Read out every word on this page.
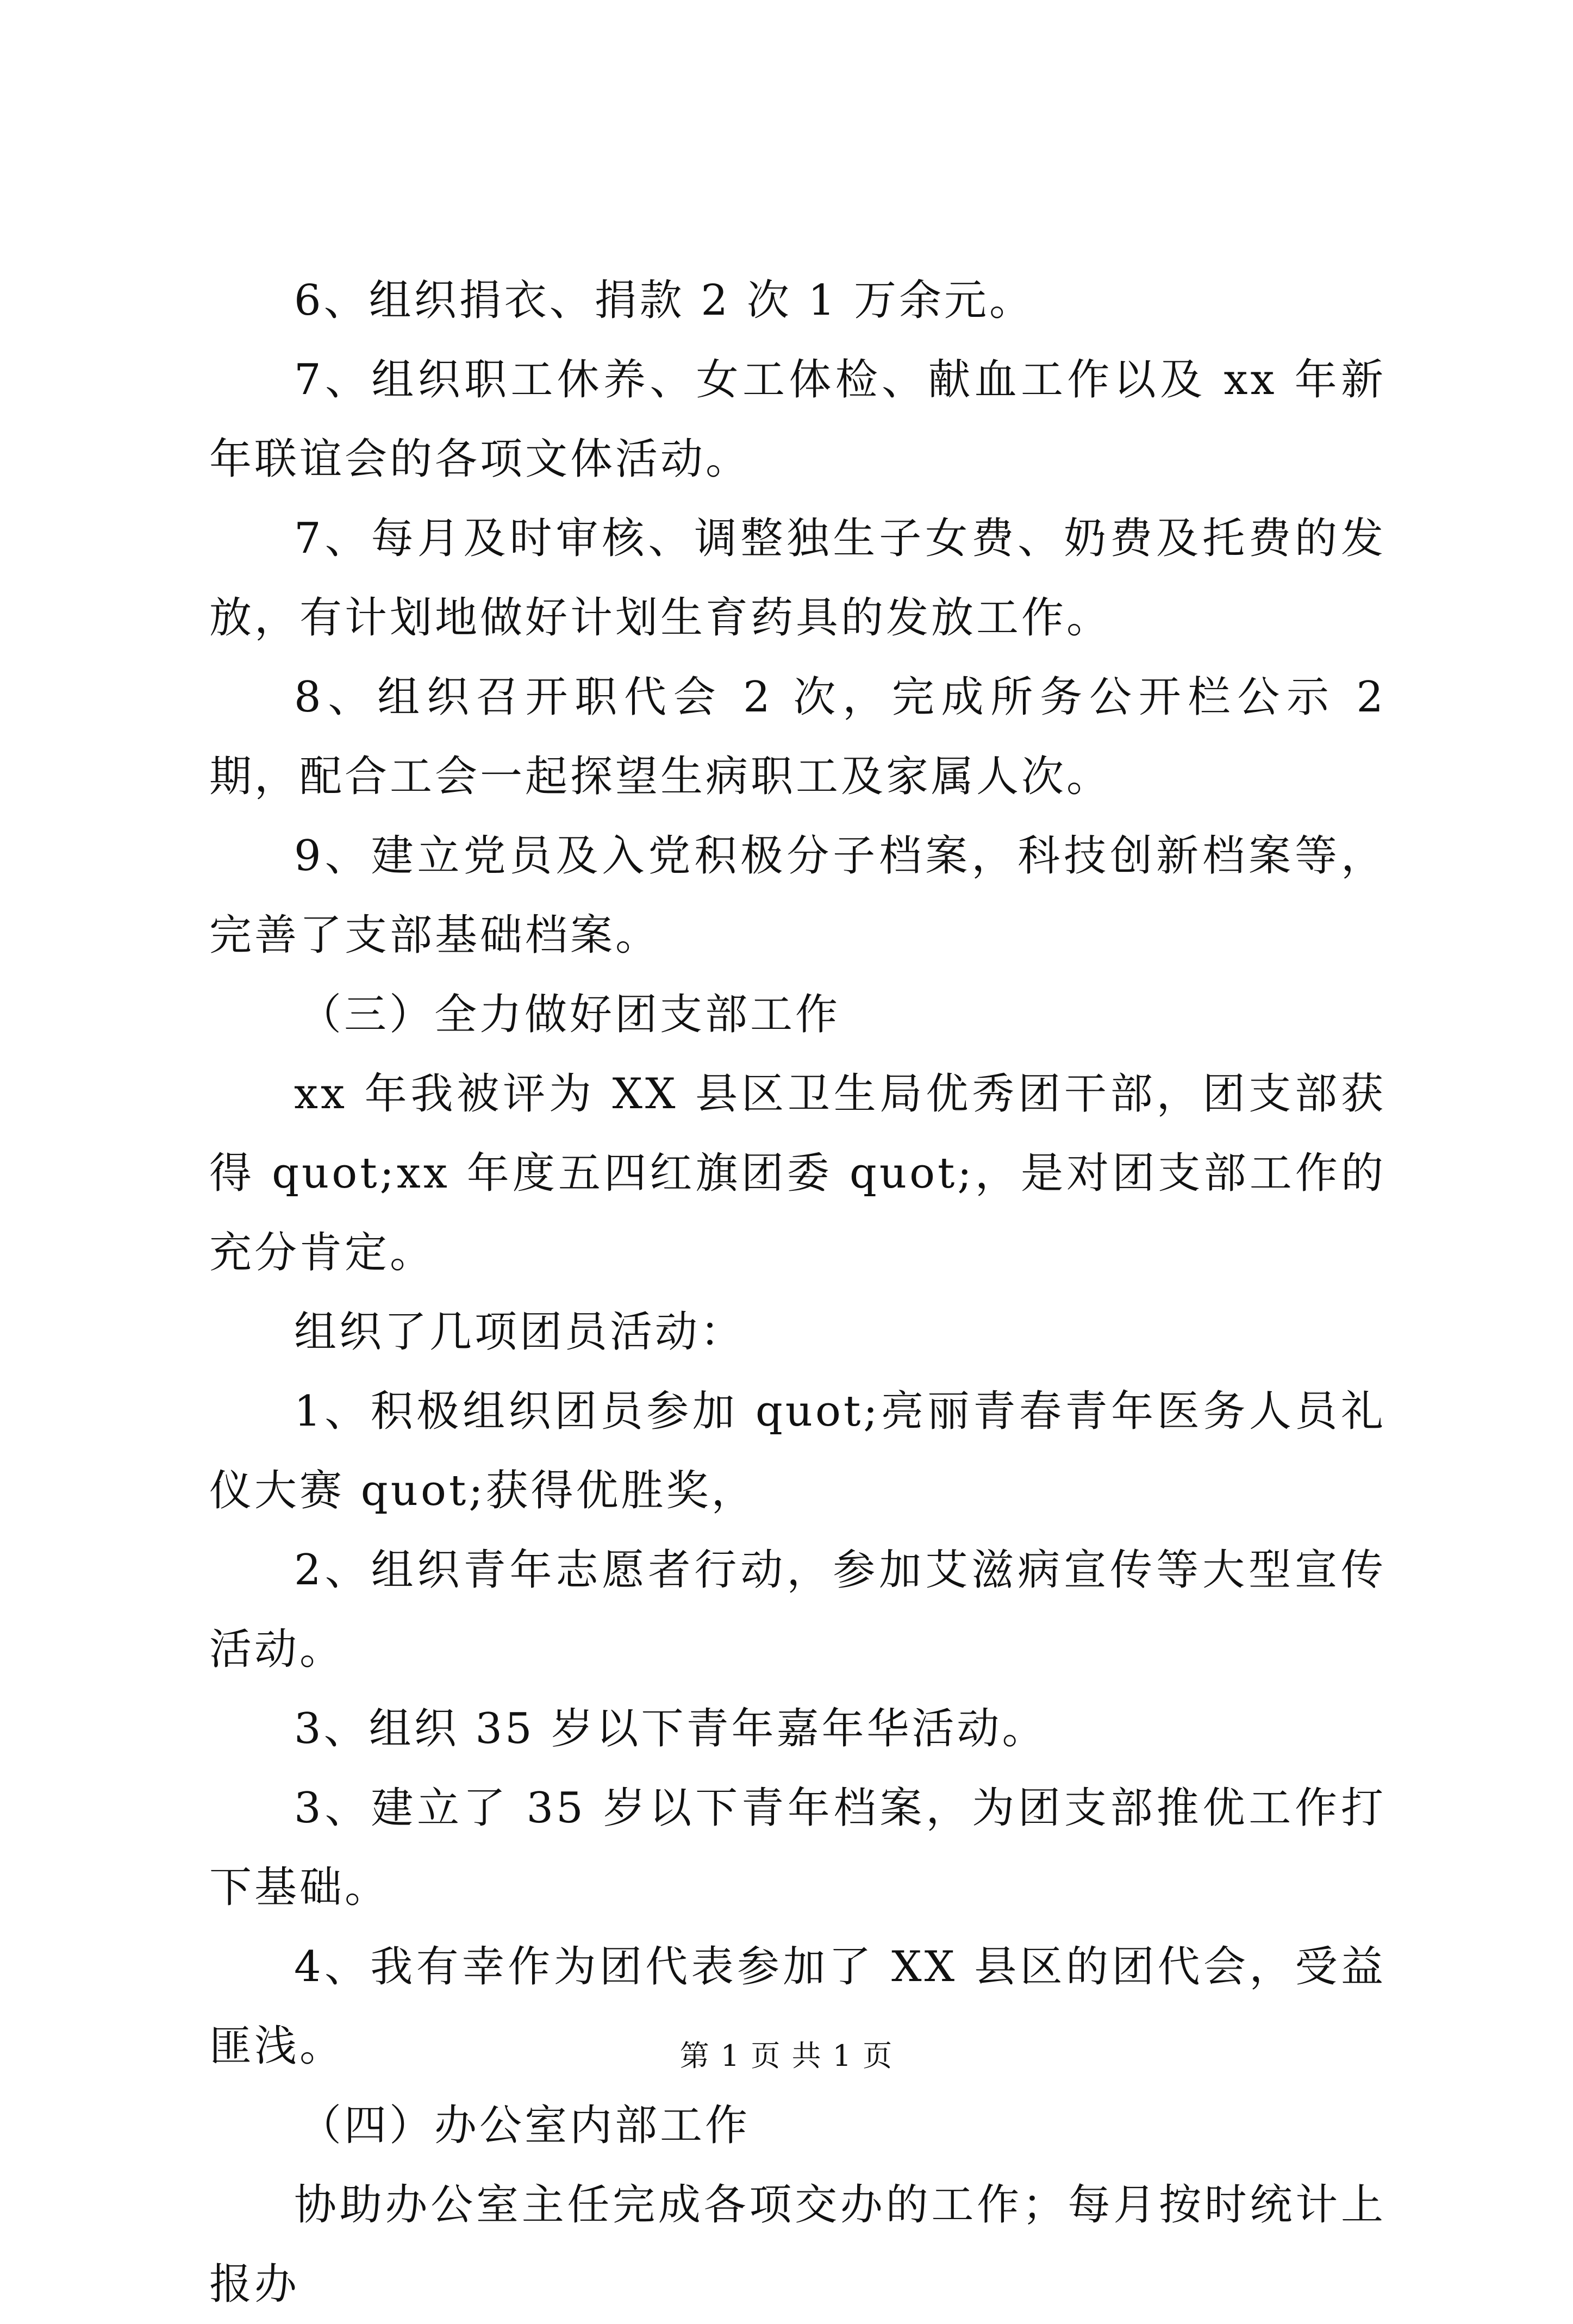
6、组织捐衣、捐款 2 次 1 万余元。

7、组织职工休养、女工体检、献血工作以及 xx 年新年联谊会的各项文体活动。

7、每月及时审核、调整独生子女费、奶费及托费的发放，有计划地做好计划生育药具的发放工作。

8、组织召开职代会 2 次，完成所务公开栏公示 2 期，配合工会一起探望生病职工及家属人次。

9、建立党员及入党积极分子档案，科技创新档案等，完善了支部基础档案。

（三）全力做好团支部工作

xx 年我被评为 XX 县区卫生局优秀团干部，团支部获得 quot;xx 年度五四红旗团委 quot;，是对团支部工作的充分肯定。

组织了几项团员活动：

1、积极组织团员参加 quot;亮丽青春青年医务人员礼仪大赛 quot;获得优胜奖，

2、组织青年志愿者行动，参加艾滋病宣传等大型宣传活动。

3、组织 35 岁以下青年嘉年华活动。

3、建立了 35 岁以下青年档案，为团支部推优工作打下基础。

4、我有幸作为团代表参加了 XX 县区的团代会，受益匪浅。

（四）办公室内部工作

协助办公室主任完成各项交办的工作；每月按时统计上报办

第 1 页 共 1 页
